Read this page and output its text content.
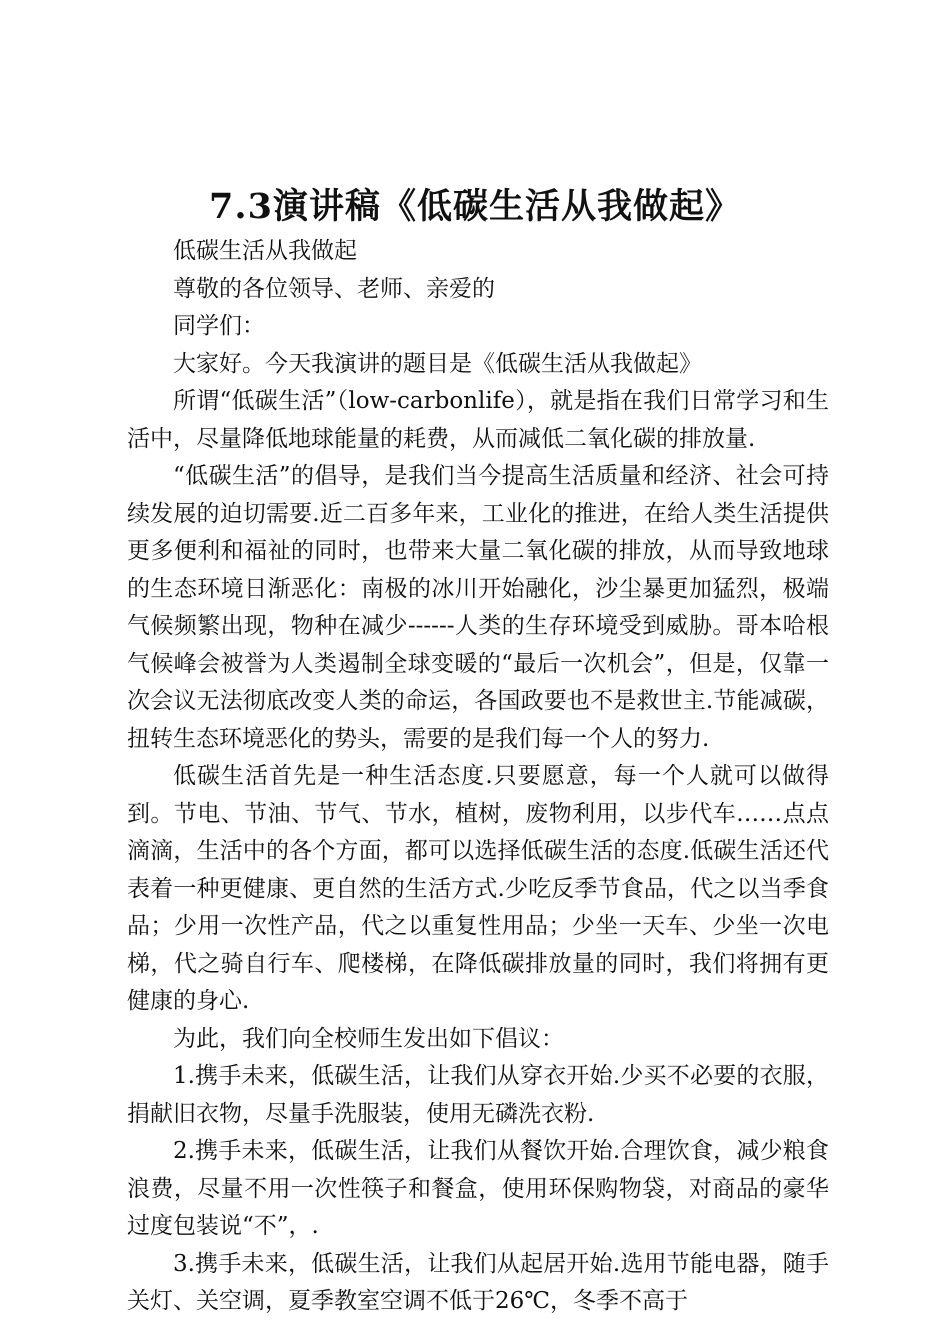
7.3演讲稿《低碳生活从我做起》

低碳生活从我做起

尊敬的各位领导、老师、亲爱的

同学们：

大家好。今天我演讲的题目是《低碳生活从我做起》

所谓“低碳生活”（low-carbonlife），就是指在我们日常学习和生活中，尽量降低地球能量的耗费，从而减低二氧化碳的排放量.

“低碳生活”的倡导，是我们当今提高生活质量和经济、社会可持续发展的迫切需要.近二百多年来，工业化的推进，在给人类生活提供更多便利和福祉的同时，也带来大量二氧化碳的排放，从而导致地球的生态环境日渐恶化：南极的冰川开始融化，沙尘暴更加猛烈，极端气候频繁出现，物种在减少------人类的生存环境受到威胁。哥本哈根气候峰会被誉为人类遏制全球变暖的“最后一次机会”，但是，仅靠一次会议无法彻底改变人类的命运，各国政要也不是救世主.节能减碳，扭转生态环境恶化的势头，需要的是我们每一个人的努力.

低碳生活首先是一种生活态度.只要愿意，每一个人就可以做得到。节电、节油、节气、节水，植树，废物利用，以步代车……点点滴滴，生活中的各个方面，都可以选择低碳生活的态度.低碳生活还代表着一种更健康、更自然的生活方式.少吃反季节食品，代之以当季食品；少用一次性产品，代之以重复性用品；少坐一天车、少坐一次电梯，代之骑自行车、爬楼梯，在降低碳排放量的同时，我们将拥有更健康的身心.

为此，我们向全校师生发出如下倡议：

1.携手未来，低碳生活，让我们从穿衣开始.少买不必要的衣服，捐献旧衣物，尽量手洗服装，使用无磷洗衣粉.

2.携手未来，低碳生活，让我们从餐饮开始.合理饮食，减少粮食浪费，尽量不用一次性筷子和餐盒，使用环保购物袋，对商品的豪华过度包装说“不”，.

3.携手未来，低碳生活，让我们从起居开始.选用节能电器，随手关灯、关空调，夏季教室空调不低于26℃，冬季不高于
